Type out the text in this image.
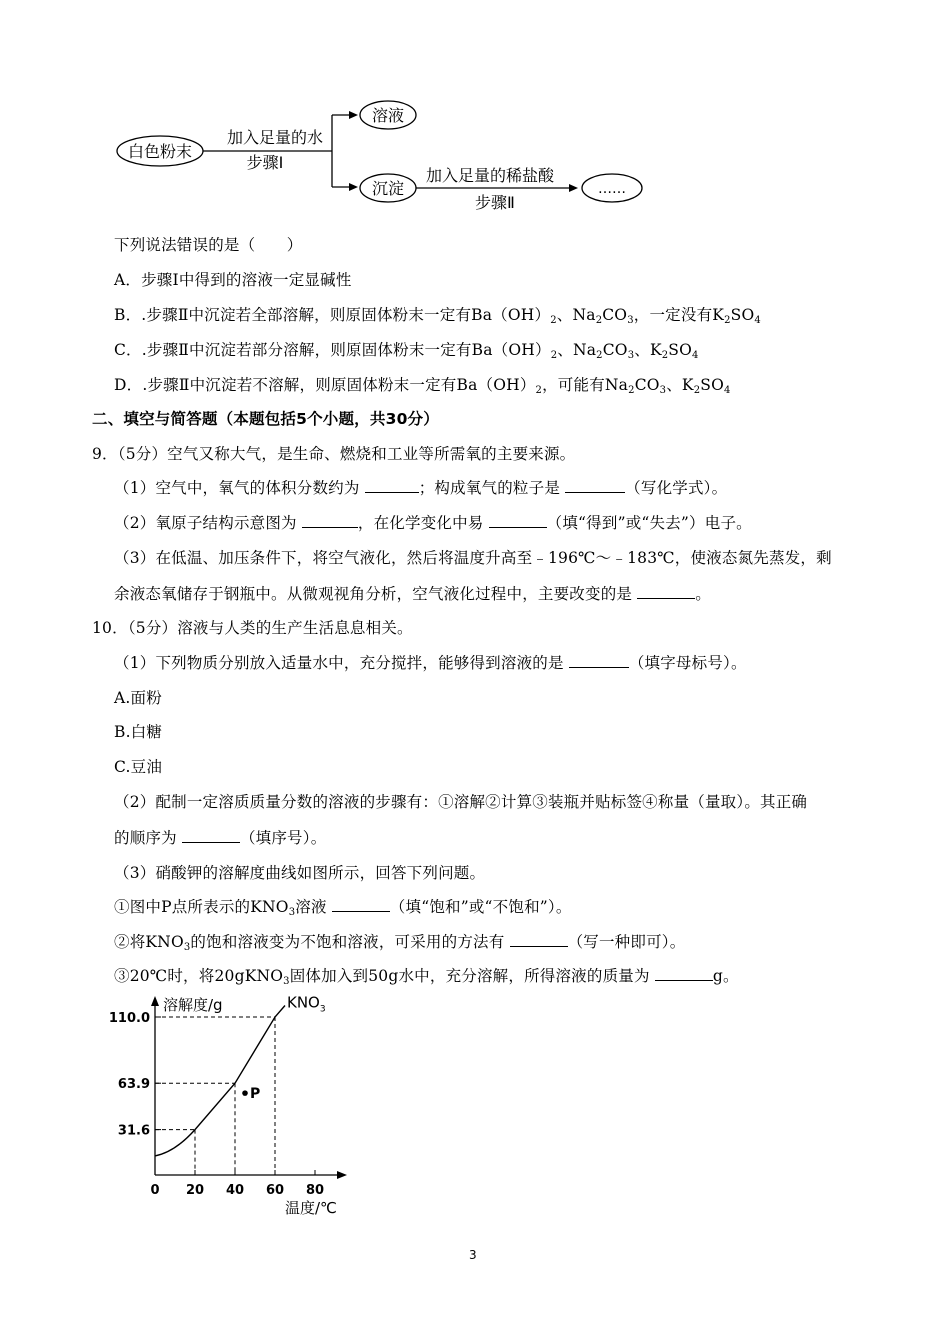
白色粉末
加入足量的水
步骤Ⅰ
溶液
沉淀
加入足量的稀盐酸
步骤Ⅱ
……
下列说法错误的是（　　）
A．步骤Ⅰ中得到的溶液一定显碱性
B．.步骤Ⅱ中沉淀若全部溶解，则原固体粉末一定有$Ba(OH)_2$、$Na_2CO_3$，一定没有$K_2SO_4$
C．.步骤Ⅱ中沉淀若部分溶解，则原固体粉末一定有$Ba(OH)_2$、$Na_2CO_3$、$K_2SO_4$
D．.步骤Ⅱ中沉淀若不溶解，则原固体粉末一定有$Ba(OH)_2$，可能有$Na_2CO_3$、$K_2SO_4$
二、填空与简答题（本题包括5个小题，共30分）
9．（5分）空气又称大气，是生命、燃烧和工业等所需氧的主要来源。
（1）空气中，氧气的体积分数约为	；构成氧气的粒子是	（写化学式）。
（2）氧原子结构示意图为	，在化学变化中易	（填“得到”或“失去”）电子。
（3）在低温、加压条件下，将空气液化，然后将温度升高至﹣196℃～﹣183℃，使液态氮先蒸发，剩
余液态氧储存于钢瓶中。从微观视角分析，空气液化过程中，主要改变的是	。
10．（5分）溶液与人类的生产生活息息相关。
（1）下列物质分别放入适量水中，充分搅拌，能够得到溶液的是	（填字母标号）。
A.面粉
B.白糖
C.豆油
（2）配制一定溶质质量分数的溶液的步骤有：①溶解②计算③装瓶并贴标签④称量（量取）。其正确
的顺序为	（填序号）。
（3）硝酸钾的溶解度曲线如图所示，回答下列问题。
①图中P点所表示的$KNO_3$溶液	（填“饱和”或“不饱和”）。
②将$KNO_3$的饱和溶液变为不饱和溶液，可采用的方法有	（写一种即可）。
③20℃时，将20gKNO$_3$固体加入到50g水中，充分溶解，所得溶液的质量为	g。
溶解度/g
温度/℃
0 20 40 60 80
31.6
63.9
110.0
$KNO_3$
P
3
